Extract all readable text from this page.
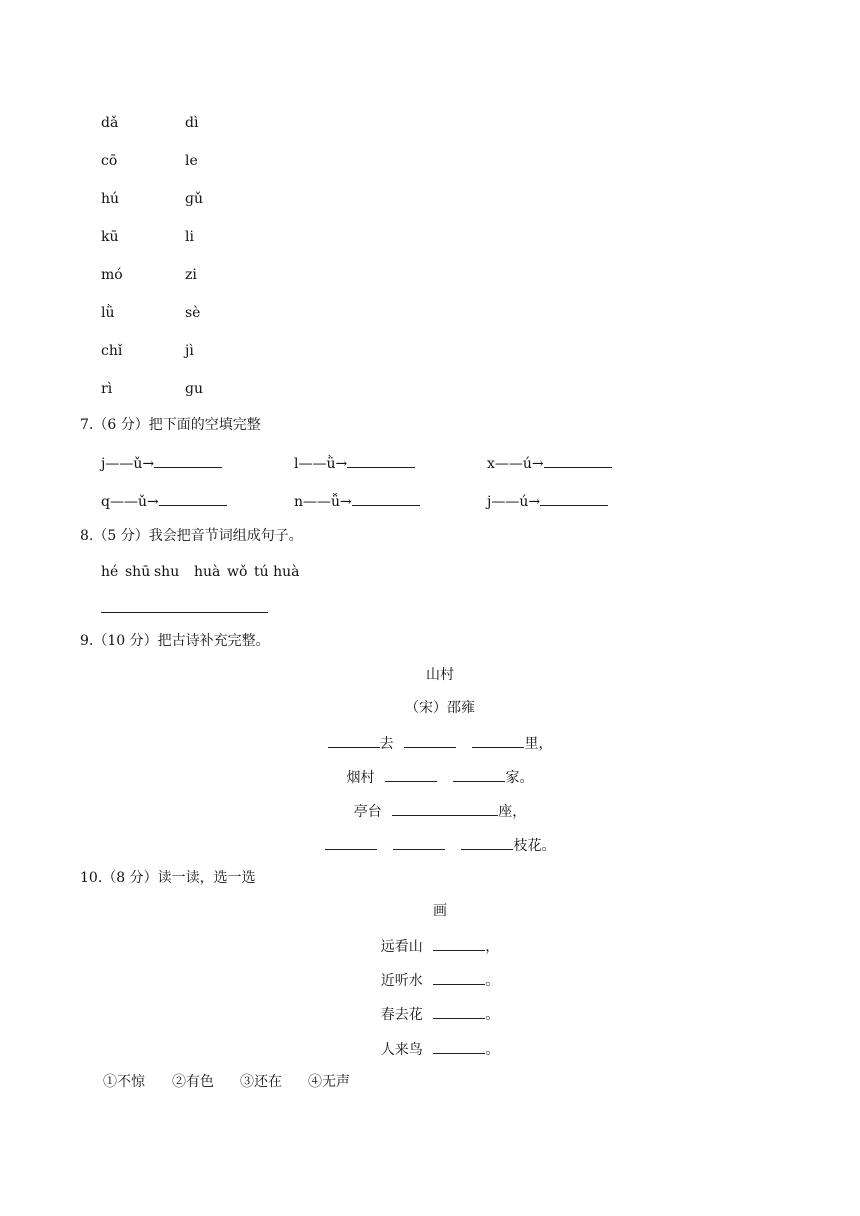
dǎ	dì
cō	le
hú	ɡǔ
kū	li
mó	zi
lǜ	sè
chǐ	jì
rì	ɡu
7.（6 分）把下面的空填完整
j——ǔ→	l——ǜ→	x——ú→
q——ǔ→	n——ǚ→	j——ú→
8.（5 分）我会把音节词组成句子。
hé shū shu huà wǒ tú huà
9.（10 分）把古诗补充完整。
山村
（宋）邵雍
去	里，
烟村	家。
亭台	座，
枝花。
10.（8 分）读一读，选一选
画
远看山	，
近听水	。
春去花	。
人来鸟	。
①不惊 ②有色 ③还在 ④无声
